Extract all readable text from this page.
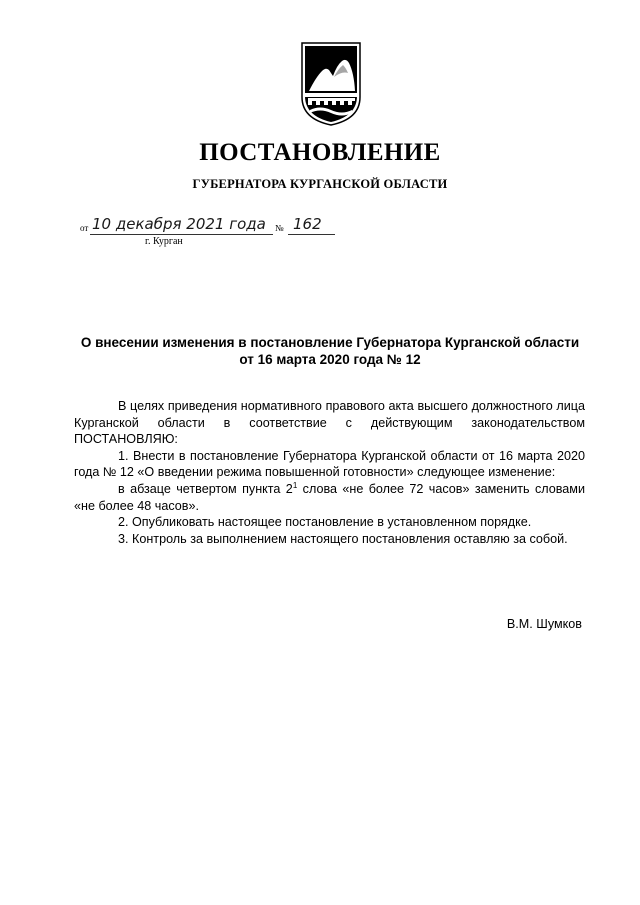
ПОСТАНОВЛЕНИЕ
ГУБЕРНАТОРА КУРГАНСКОЙ ОБЛАСТИ
от 10 декабря 2021 года № 162
г. Курган
О внесении изменения в постановление Губернатора Курганской области
от 16 марта 2020 года № 12

В целях приведения нормативного правового акта высшего должностного лица Курганской области в соответствие с действующим законодательством ПОСТАНОВЛЯЮ:

1. Внести в постановление Губернатора Курганской области от 16 марта 2020 года № 12 «О введении режима повышенной готовности» следующее изменение:

в абзаце четвертом пункта $2^1$ слова «не более 72 часов» заменить словами «не более 48 часов».

2. Опубликовать настоящее постановление в установленном порядке.

3. Контроль за выполнением настоящего постановления оставляю за собой.

В.М. Шумков
